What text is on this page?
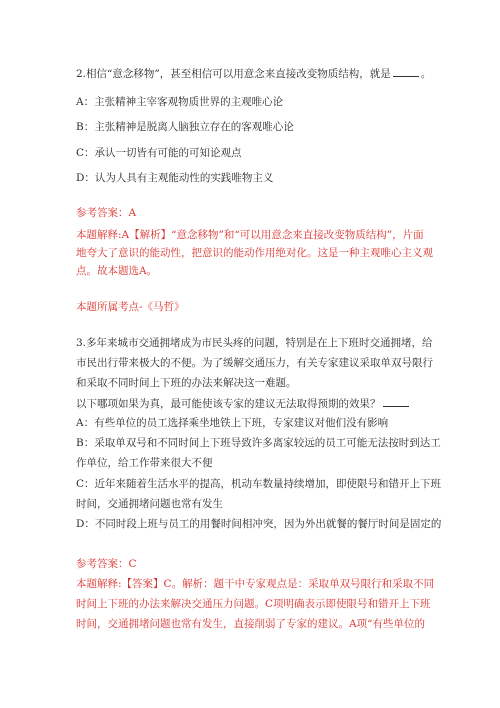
2.相信“意念移物”，甚至相信可以用意念来直接改变物质结构，就是	。
A：主张精神主宰客观物质世界的主观唯心论
B：主张精神是脱离人脑独立存在的客观唯心论
C：承认一切皆有可能的可知论观点
D：认为人具有主观能动性的实践唯物主义
参考答案：A
本题解释:A【解析】“意念移物”和“可以用意念来直接改变物质结构”，片面
地夸大了意识的能动性，把意识的能动作用绝对化。这是一种主观唯心主义观
点。故本题选A。
本题所属考点-《马哲》
3.多年来城市交通拥堵成为市民头疼的问题，特别是在上下班时交通拥堵，给
市民出行带来极大的不便。为了缓解交通压力，有关专家建议采取单双号限行
和采取不同时间上下班的办法来解决这一难题。
以下哪项如果为真，最可能使该专家的建议无法取得预期的效果？
A：有些单位的员工选择乘坐地铁上下班，专家建议对他们没有影响
B：采取单双号和不同时间上下班导致许多离家较远的员工可能无法按时到达工
作单位，给工作带来很大不便
C：近年来随着生活水平的提高，机动车数量持续增加，即使限号和错开上下班
时间，交通拥堵问题也常有发生
D：不同时段上班与员工的用餐时间相冲突，因为外出就餐的餐厅时间是固定的
参考答案：C
本题解释:【答案】C。解析：题干中专家观点是：采取单双号限行和采取不同
时间上下班的办法来解决交通压力问题。C项明确表示即使限号和错开上下班
时间，交通拥堵问题也常有发生，直接削弱了专家的建议。A项“有些单位的
